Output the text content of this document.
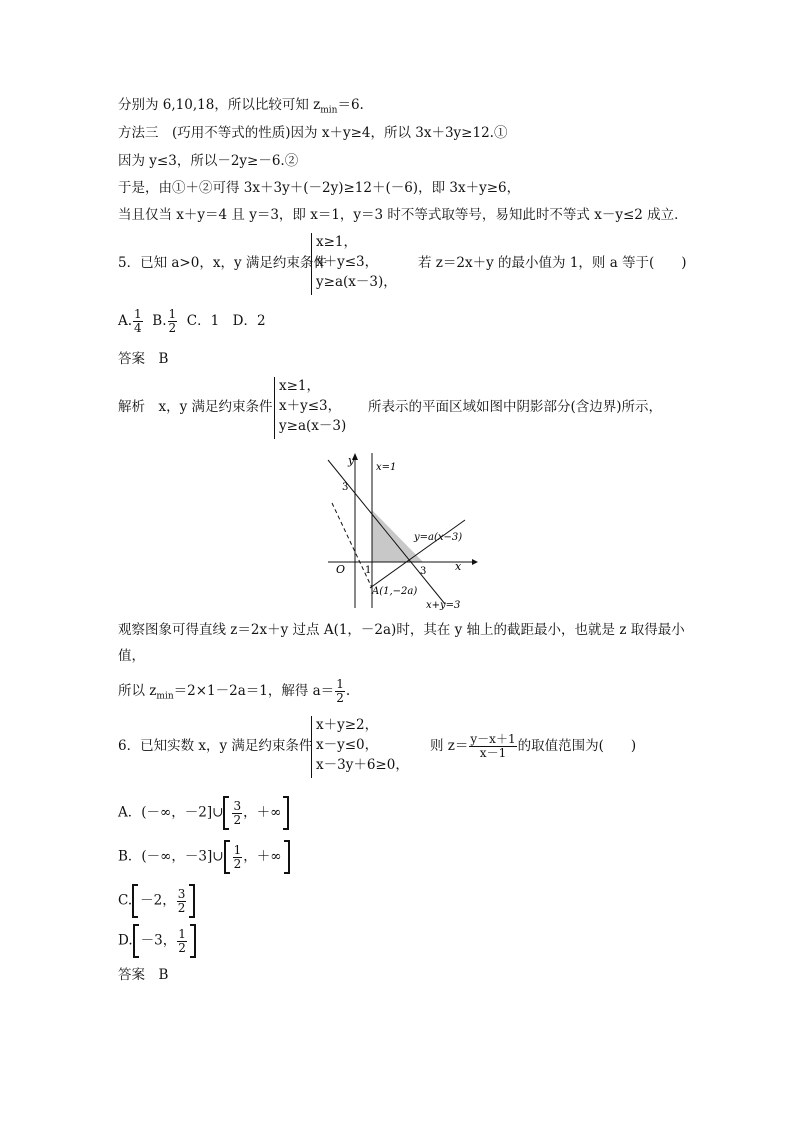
分别为 6,10,18，所以比较可知 $z_{min}=6$.
方法三　(巧用不等式的性质)因为 x＋y≥4，所以 3x＋3y≥12.①
因为 y≤3，所以－2y≥－6.②
于是，由①＋②可得 3x＋3y＋(－2y)≥12＋(－6)，即 3x＋y≥6，
当且仅当 x＋y＝4 且 y＝3，即 x＝1，y＝3 时不等式取等号，易知此时不等式 x－y≤2 成立．
5．已知 a>0，x，y 满足约束条件
x≥1，
x＋y≤3，
y≥a(x－3)，
若 z＝2x＋y 的最小值为 1，则 a 等于(　　)
A. $\frac{1}{4} B$. $\frac{1}{2}$ C．1　D．2
答案　B
解析　x，y 满足约束条件
x≥1，
x＋y≤3，
y≥a(x－3)
所表示的平面区域如图中阴影部分(含边界)所示，
y
x
O 1	3
3
x=1
y=a(x−3)
A(1,−2a)
x+y=3
观察图象可得直线 z＝2x＋y 过点 A(1，－2a)时，其在 y 轴上的截距最小，也就是 z 取得最小
值，
所以 $z_{min}=2\times 1-2a=1$，解得 $a= \frac{1}{2}$ .
6．已知实数 x，y 满足约束条件
x＋y≥2，
x－y≤0，
x－3y＋6≥0，
则 $z= \frac{y-x+1}{x-1}$ 的取值范围为(　　)
A．(－∞，－2]∪ $\frac{3}{2}$ ，＋∞
B．(－∞，－3]∪ $\frac{1}{2}$ ，＋∞
C. －2， $\frac{3}{2}$
D. －3， $\frac{1}{2}$
答案　B
